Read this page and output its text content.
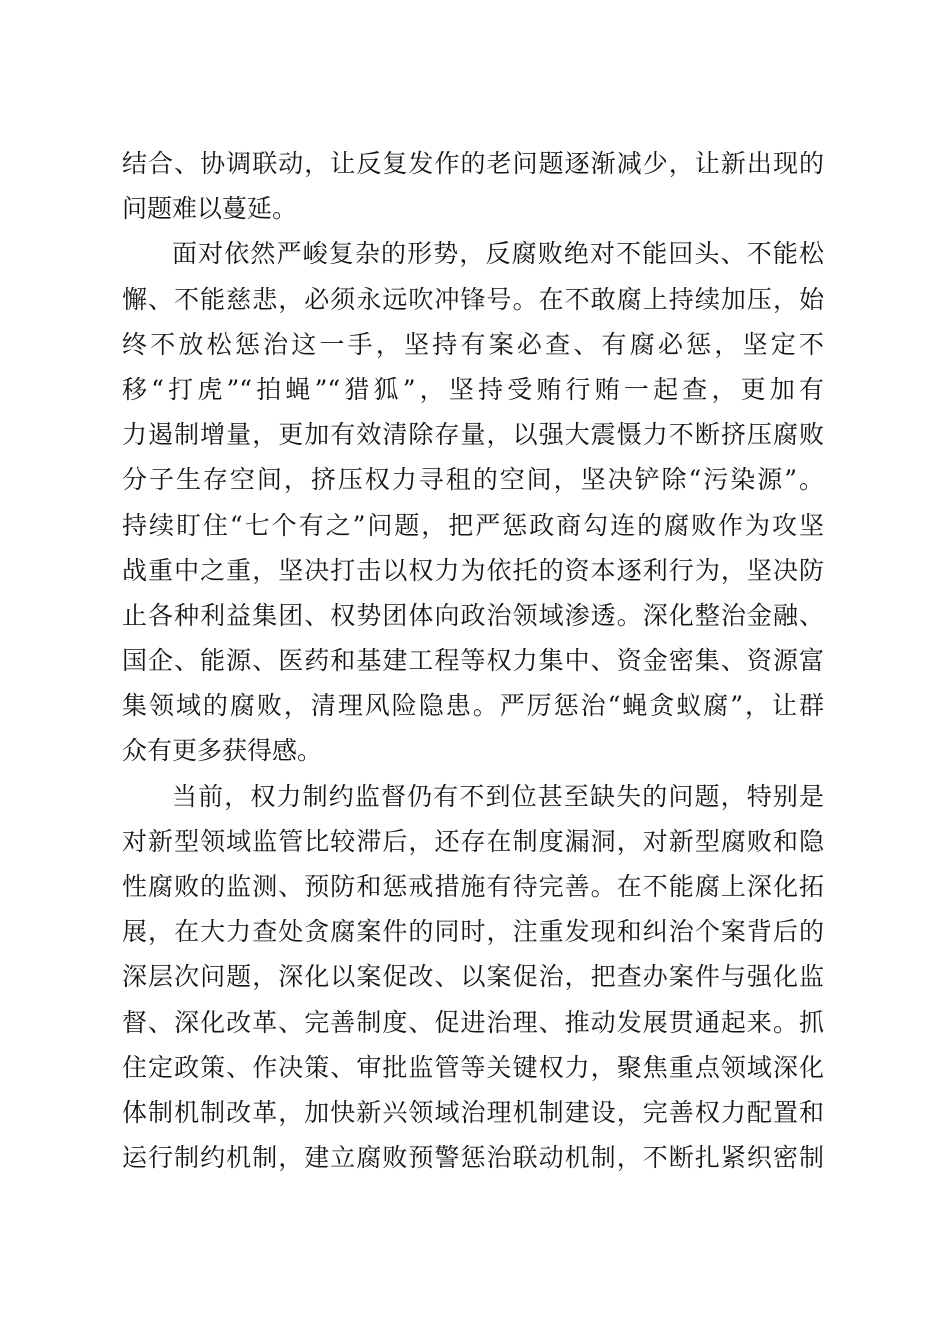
结合、协调联动，让反复发作的老问题逐渐减少，让新出现的
问题难以蔓延。
面对依然严峻复杂的形势，反腐败绝对不能回头、不能松
懈、不能慈悲，必须永远吹冲锋号。在不敢腐上持续加压，始
终不放松惩治这一手，坚持有案必查、有腐必惩，坚定不
移“打虎”“拍蝇”“猎狐”，坚持受贿行贿一起查，更加有
力遏制增量，更加有效清除存量，以强大震慑力不断挤压腐败
分子生存空间，挤压权力寻租的空间，坚决铲除“污染源”。
持续盯住“七个有之”问题，把严惩政商勾连的腐败作为攻坚
战重中之重，坚决打击以权力为依托的资本逐利行为，坚决防
止各种利益集团、权势团体向政治领域渗透。深化整治金融、
国企、能源、医药和基建工程等权力集中、资金密集、资源富
集领域的腐败，清理风险隐患。严厉惩治“蝇贪蚁腐”，让群
众有更多获得感。
当前，权力制约监督仍有不到位甚至缺失的问题，特别是
对新型领域监管比较滞后，还存在制度漏洞，对新型腐败和隐
性腐败的监测、预防和惩戒措施有待完善。在不能腐上深化拓
展，在大力查处贪腐案件的同时，注重发现和纠治个案背后的
深层次问题，深化以案促改、以案促治，把查办案件与强化监
督、深化改革、完善制度、促进治理、推动发展贯通起来。抓
住定政策、作决策、审批监管等关键权力，聚焦重点领域深化
体制机制改革，加快新兴领域治理机制建设，完善权力配置和
运行制约机制，建立腐败预警惩治联动机制，不断扎紧织密制
